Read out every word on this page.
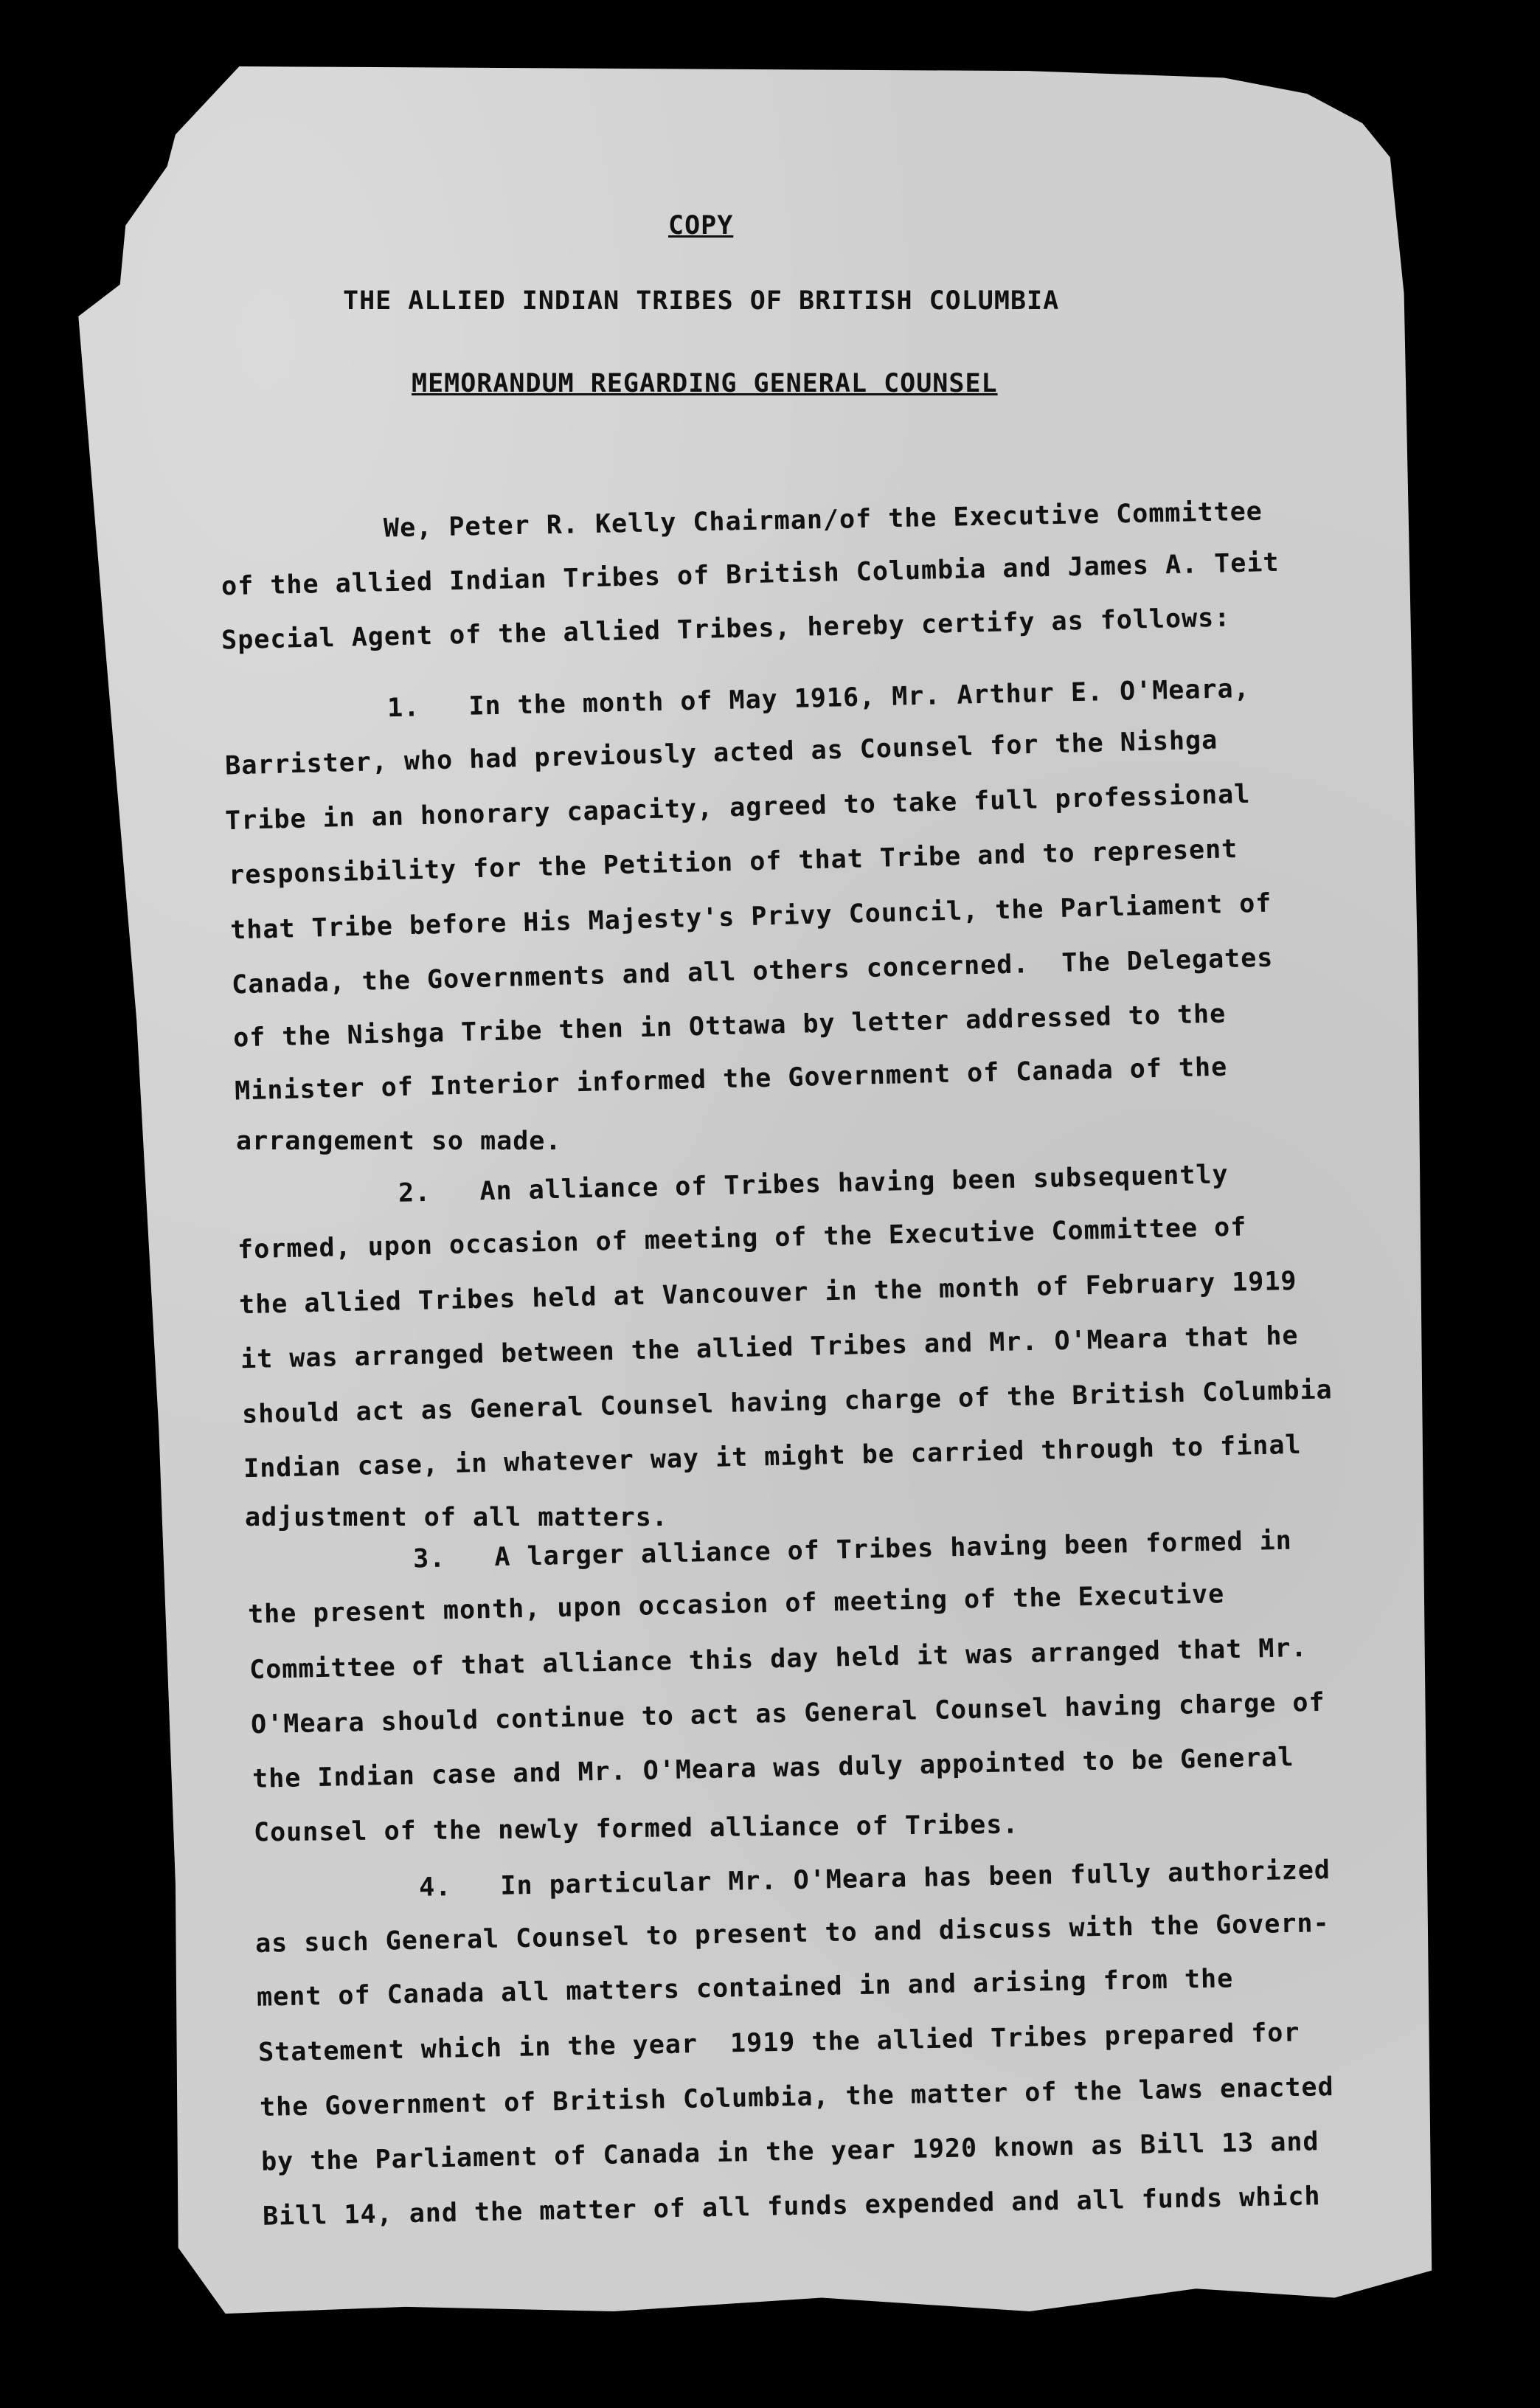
COPY
THE ALLIED INDIAN TRIBES OF BRITISH COLUMBIA
MEMORANDUM REGARDING GENERAL COUNSEL
We, Peter R. Kelly Chairman/of the Executive Committee
of the allied Indian Tribes of British Columbia and James A. Teit
Special Agent of the allied Tribes, hereby certify as follows:
1.   In the month of May 1916, Mr. Arthur E. O'Meara,
Barrister, who had previously acted as Counsel for the Nishga
Tribe in an honorary capacity, agreed to take full professional
responsibility for the Petition of that Tribe and to represent
that Tribe before His Majesty's Privy Council, the Parliament of
Canada, the Governments and all others concerned.  The Delegates
of the Nishga Tribe then in Ottawa by letter addressed to the
Minister of Interior informed the Government of Canada of the
arrangement so made.
2.   An alliance of Tribes having been subsequently
formed, upon occasion of meeting of the Executive Committee of
the allied Tribes held at Vancouver in the month of February 1919
it was arranged between the allied Tribes and Mr. O'Meara that he
should act as General Counsel having charge of the British Columbia
Indian case, in whatever way it might be carried through to final
adjustment of all matters.
3.   A larger alliance of Tribes having been formed in
the present month, upon occasion of meeting of the Executive
Committee of that alliance this day held it was arranged that Mr.
O'Meara should continue to act as General Counsel having charge of
the Indian case and Mr. O'Meara was duly appointed to be General
Counsel of the newly formed alliance of Tribes.
4.   In particular Mr. O'Meara has been fully authorized
as such General Counsel to present to and discuss with the Govern-
ment of Canada all matters contained in and arising from the
Statement which in the year  1919 the allied Tribes prepared for
the Government of British Columbia, the matter of the laws enacted
by the Parliament of Canada in the year 1920 known as Bill 13 and
Bill 14, and the matter of all funds expended and all funds which
